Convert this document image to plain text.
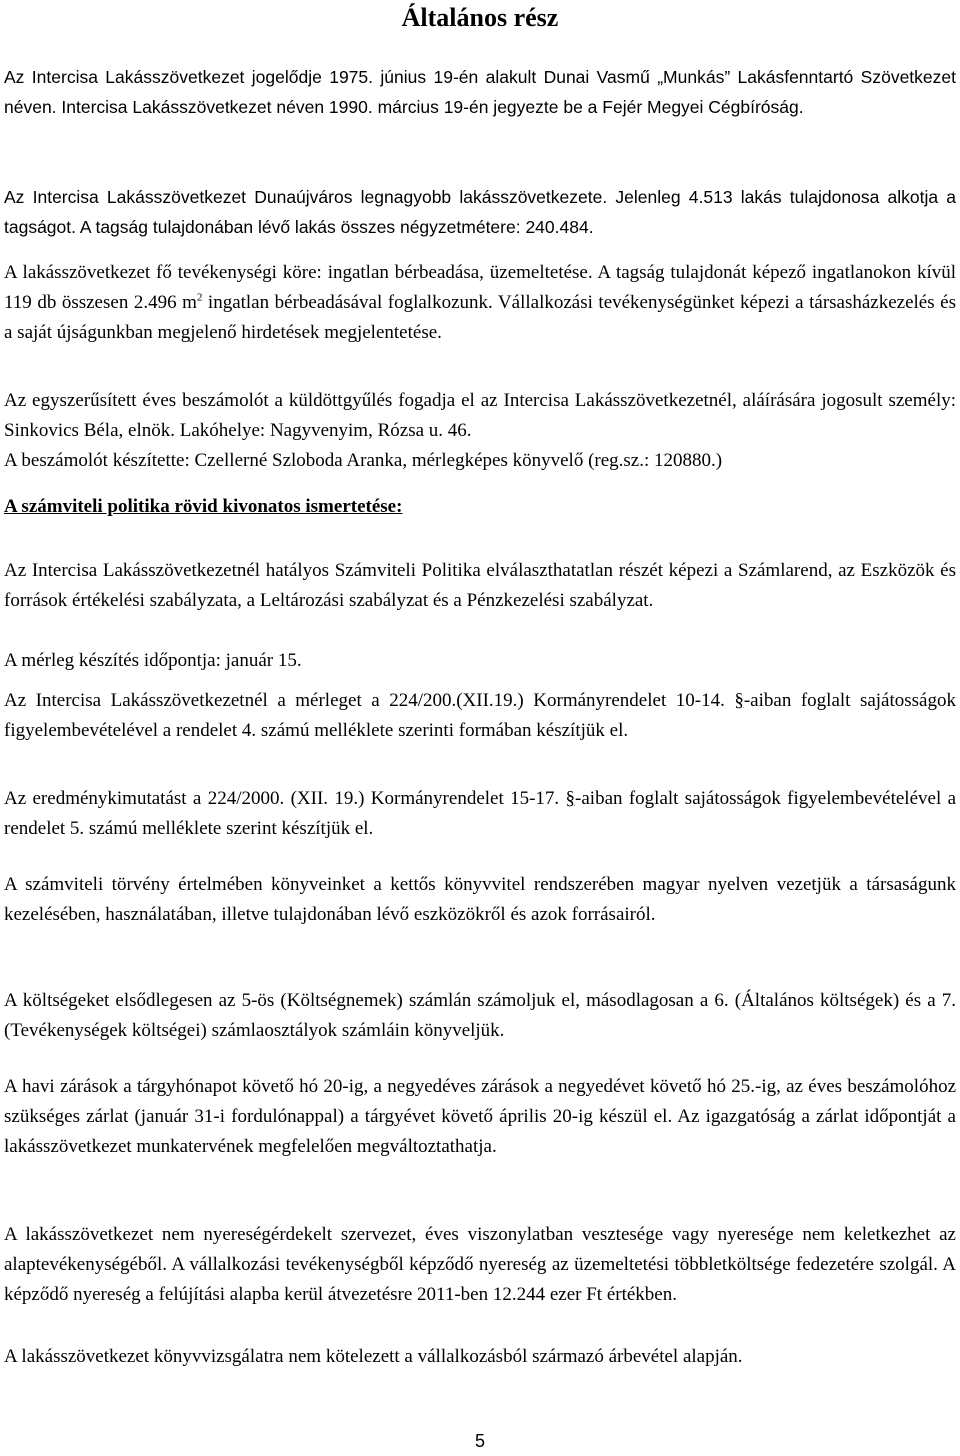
Általános rész

Az Intercisa Lakásszövetkezet jogelődje 1975. június 19-én alakult Dunai Vasmű „Munkás” Lakásfenntartó Szövetkezet néven. Intercisa Lakásszövetkezet néven 1990. március 19-én jegyezte be a Fejér Megyei Cégbíróság.

Az Intercisa Lakásszövetkezet Dunaújváros legnagyobb lakásszövetkezete. Jelenleg 4.513 lakás tulajdonosa alkotja a tagságot. A tagság tulajdonában lévő lakás összes négyzetmétere: 240.484.

A lakásszövetkezet fő tevékenységi köre: ingatlan bérbeadása, üzemeltetése. A tagság tulajdonát képező ingatlanokon kívül 119 db összesen 2.496 $m^2$ ingatlan bérbeadásával foglalkozunk. Vállalkozási tevékenységünket képezi a társasházkezelés és a saját újságunkban megjelenő hirdetések megjelentetése.

Az egyszerűsített éves beszámolót a küldöttgyűlés fogadja el az Intercisa Lakásszövetkezetnél, aláírására jogosult személy: Sinkovics Béla, elnök. Lakóhelye: Nagyvenyim, Rózsa u. 46.

A beszámolót készítette: Czellerné Szloboda Aranka, mérlegképes könyvelő (reg.sz.: 120880.)

A számviteli politika rövid kivonatos ismertetése:

Az Intercisa Lakásszövetkezetnél hatályos Számviteli Politika elválaszthatatlan részét képezi a Számlarend, az Eszközök és források értékelési szabályzata, a Leltározási szabályzat és a Pénzkezelési szabályzat.

A mérleg készítés időpontja: január 15.

Az Intercisa Lakásszövetkezetnél a mérleget a 224/200.(XII.19.) Kormányrendelet 10-14. §-aiban foglalt sajátosságok figyelembevételével a rendelet 4. számú melléklete szerinti formában készítjük el.

Az eredménykimutatást a 224/2000. (XII. 19.) Kormányrendelet 15-17. §-aiban foglalt sajátosságok figyelembevételével a rendelet 5. számú melléklete szerint készítjük el.

A számviteli törvény értelmében könyveinket a kettős könyvvitel rendszerében magyar nyelven vezetjük a társaságunk kezelésében, használatában, illetve tulajdonában lévő eszközökről és azok forrásairól.

A költségeket elsődlegesen az 5-ös (Költségnemek) számlán számoljuk el, másodlagosan a 6. (Általános költségek) és a 7. (Tevékenységek költségei) számlaosztályok számláin könyveljük.

A havi zárások a tárgyhónapot követő hó 20-ig, a negyedéves zárások a negyedévet követő hó 25.-ig, az éves beszámolóhoz szükséges zárlat (január 31-i fordulónappal) a tárgyévet követő április 20-ig készül el. Az igazgatóság a zárlat időpontját a lakásszövetkezet munkatervének megfelelően megváltoztathatja.

A lakásszövetkezet nem nyereségérdekelt szervezet, éves viszonylatban vesztesége vagy nyeresége nem keletkezhet az alaptevékenységéből. A vállalkozási tevékenységből képződő nyereség az üzemeltetési többletköltsége fedezetére szolgál. A képződő nyereség a felújítási alapba kerül átvezetésre 2011-ben 12.244 ezer Ft értékben.

A lakásszövetkezet könyvvizsgálatra nem kötelezett a vállalkozásból származó árbevétel alapján.

5
